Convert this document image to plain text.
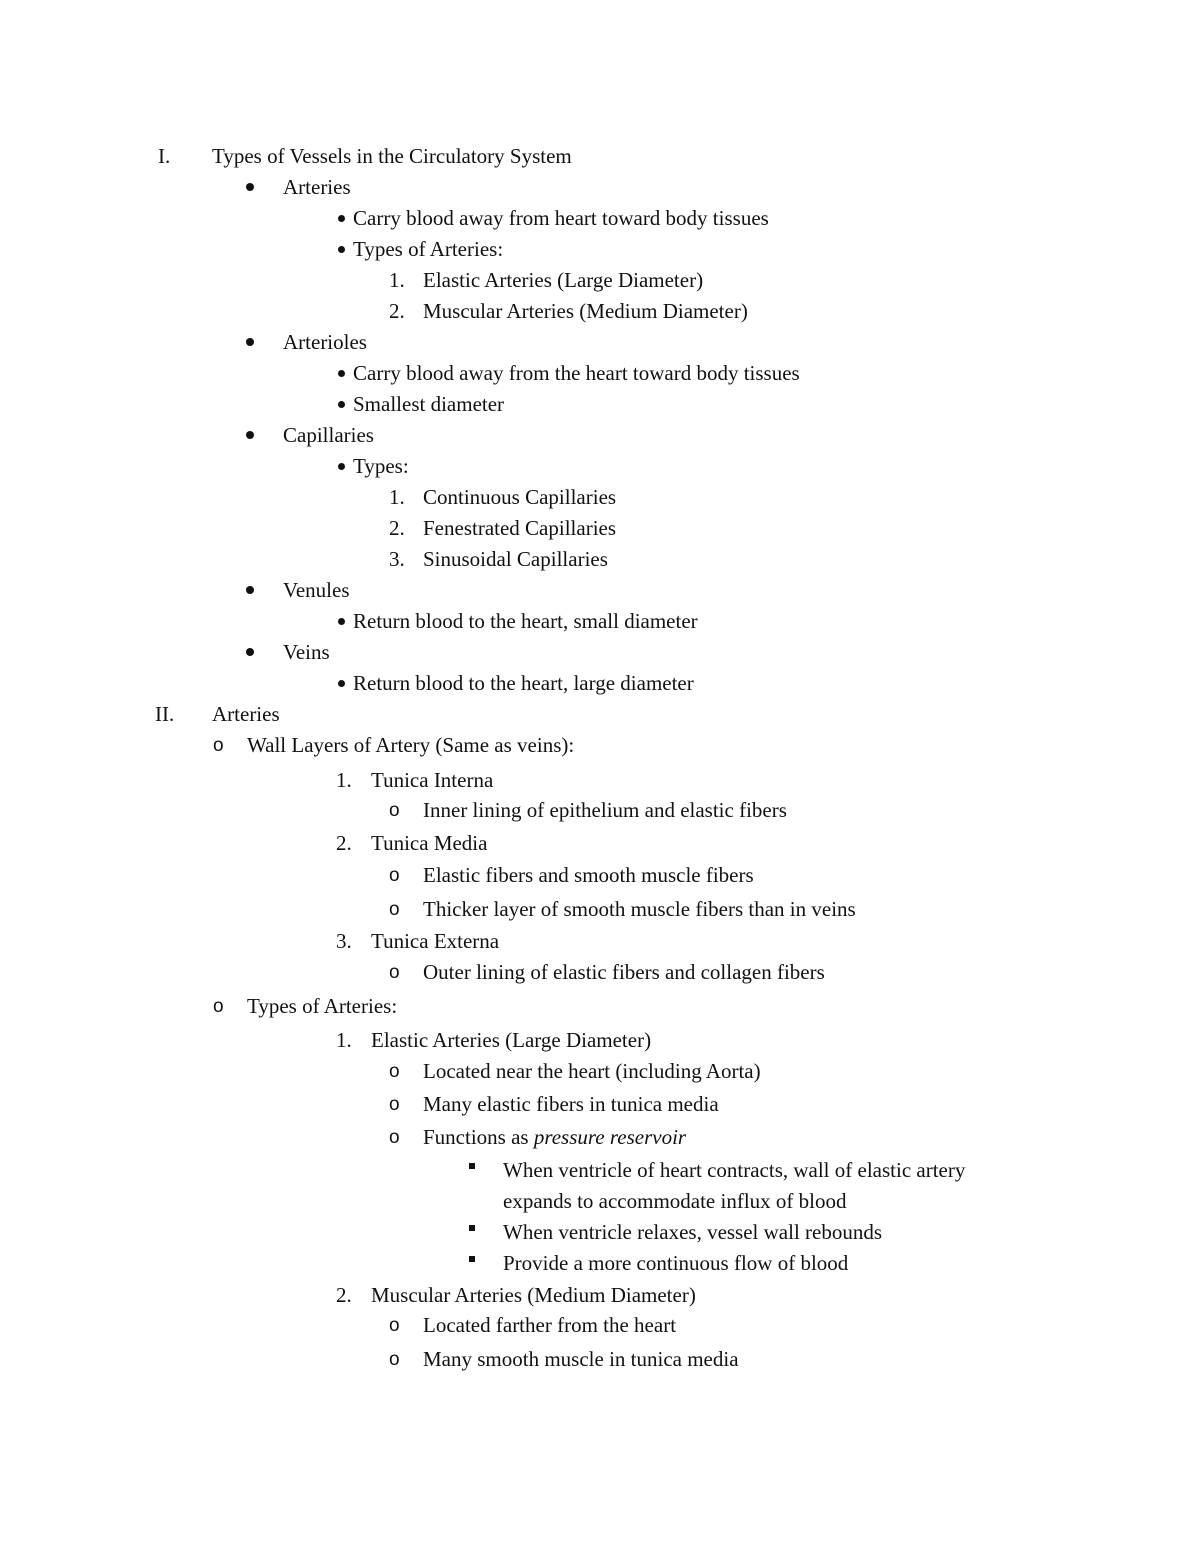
I. Types of Vessels in the Circulatory System
Arteries
Carry blood away from heart toward body tissues
Types of Arteries:
1. Elastic Arteries (Large Diameter)
2. Muscular Arteries (Medium Diameter)
Arterioles
Carry blood away from the heart toward body tissues
Smallest diameter
Capillaries
Types:
1. Continuous Capillaries
2. Fenestrated Capillaries
3. Sinusoidal Capillaries
Venules
Return blood to the heart, small diameter
Veins
Return blood to the heart, large diameter
II. Arteries
o Wall Layers of Artery (Same as veins):
1. Tunica Interna
o Inner lining of epithelium and elastic fibers
2. Tunica Media
o Elastic fibers and smooth muscle fibers
o Thicker layer of smooth muscle fibers than in veins
3. Tunica Externa
o Outer lining of elastic fibers and collagen fibers
o Types of Arteries:
1. Elastic Arteries (Large Diameter)
o Located near the heart (including Aorta)
o Many elastic fibers in tunica media
o Functions as pressure reservoir
When ventricle of heart contracts, wall of elastic artery
expands to accommodate influx of blood
When ventricle relaxes, vessel wall rebounds
Provide a more continuous flow of blood
2. Muscular Arteries (Medium Diameter)
o Located farther from the heart
o Many smooth muscle in tunica media
